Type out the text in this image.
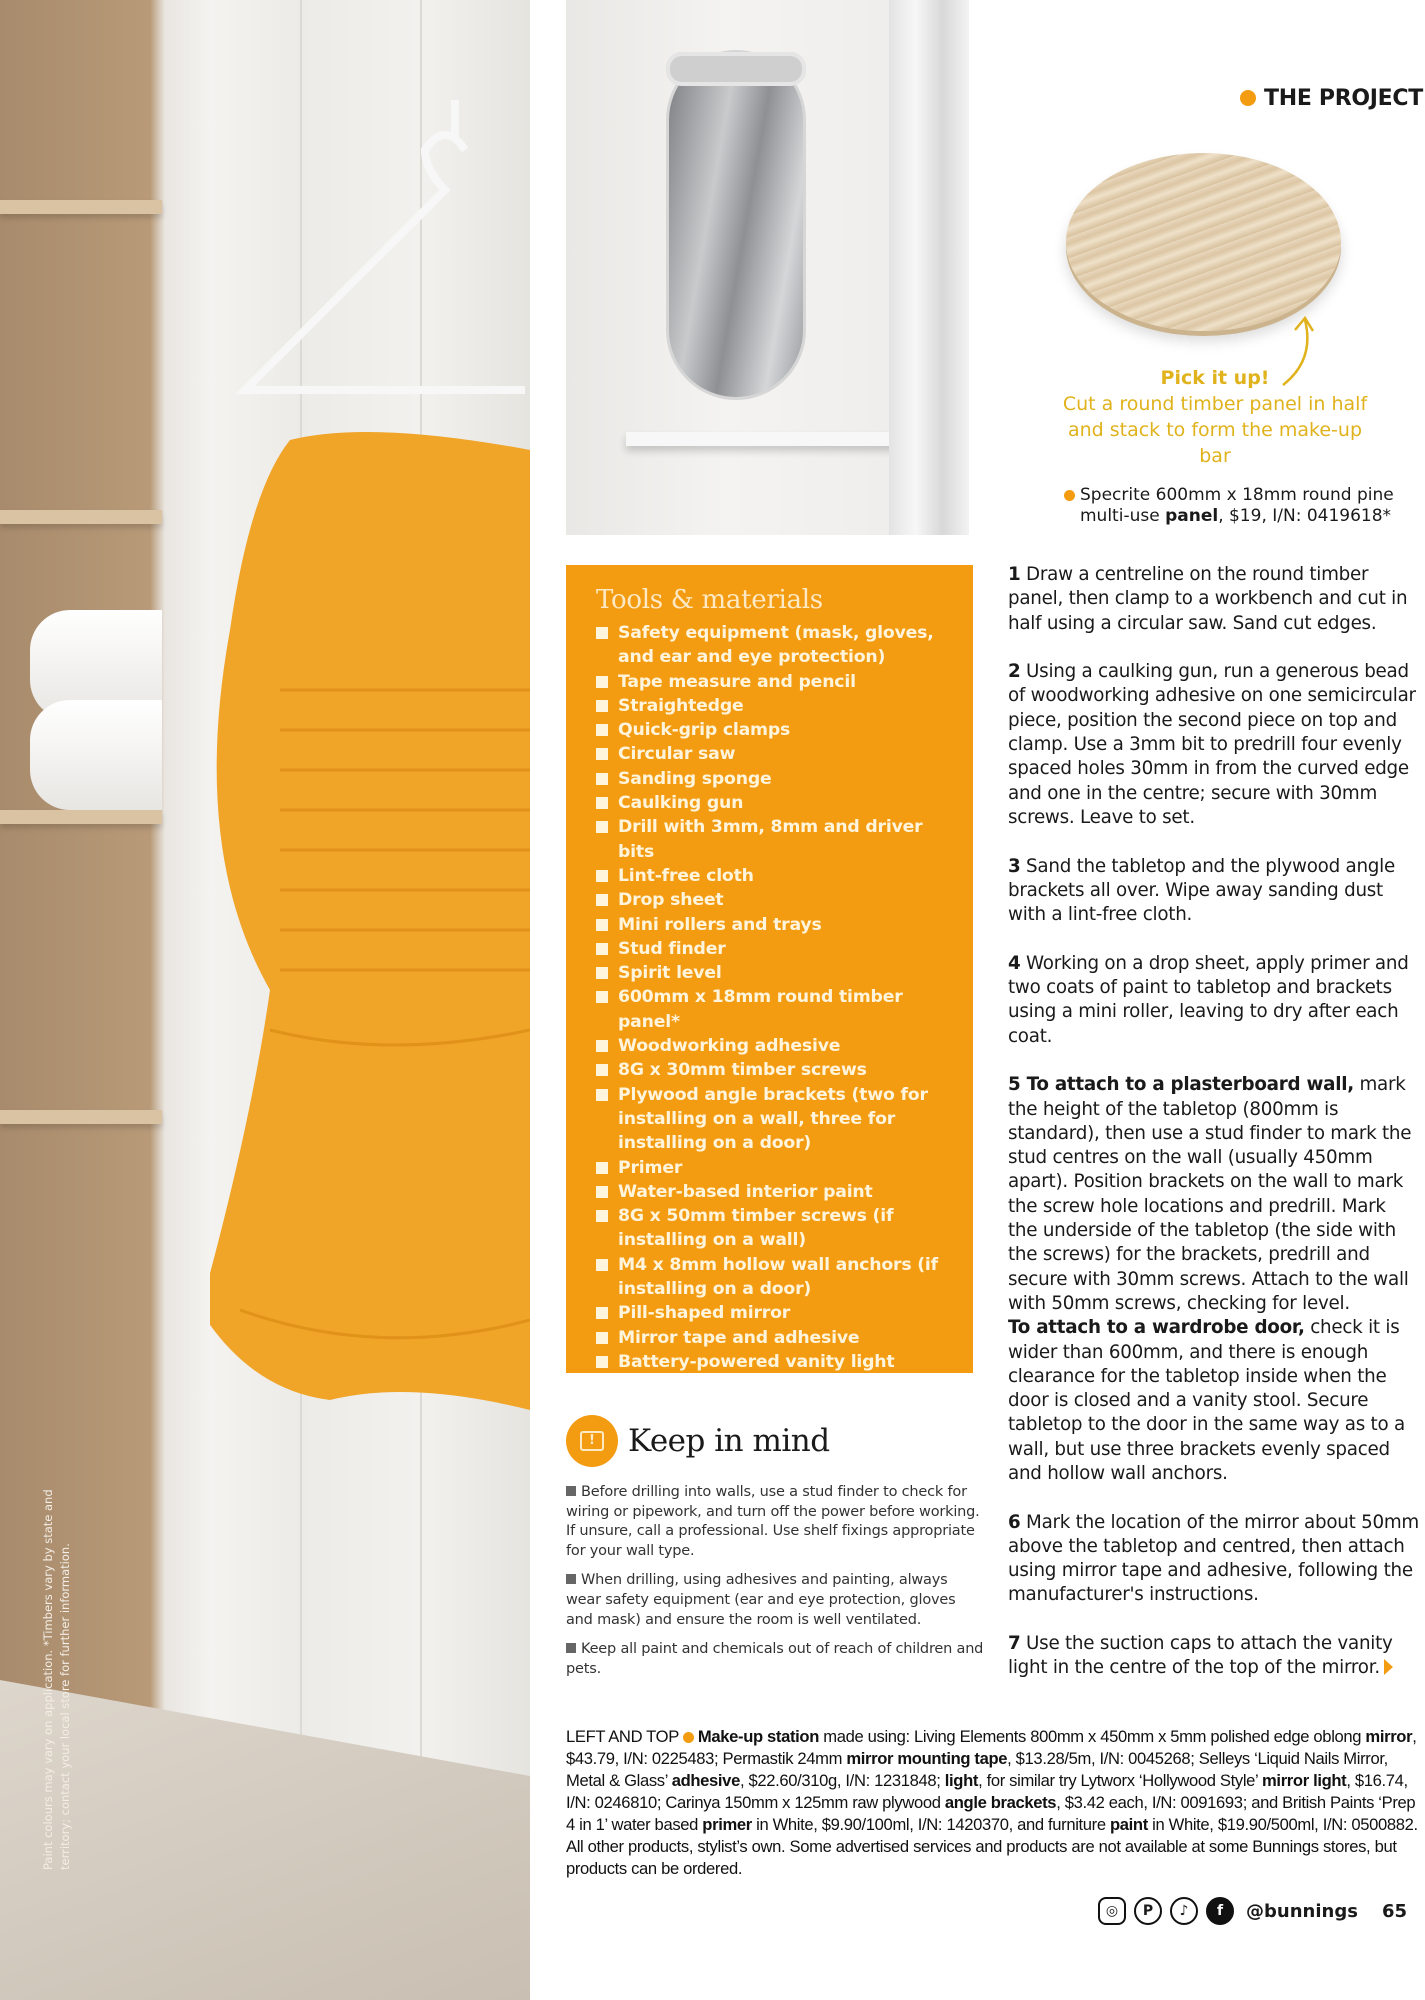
Paint colours may vary on application. *Timbers vary by state and territory; contact your local store for further information.
Tools & materials
Safety equipment (mask, gloves, and ear and eye protection)
Tape measure and pencil
Straightedge
Quick-grip clamps
Circular saw
Sanding sponge
Caulking gun
Drill with 3mm, 8mm and driver bits
Lint-free cloth
Drop sheet
Mini rollers and trays
Stud finder
Spirit level
600mm x 18mm round timber panel*
Woodworking adhesive
8G x 30mm timber screws
Plywood angle brackets (two for installing on a wall, three for installing on a door)
Primer
Water-based interior paint
8G x 50mm timber screws (if installing on a wall)
M4 x 8mm hollow wall anchors (if installing on a door)
Pill-shaped mirror
Mirror tape and adhesive
Battery-powered vanity light
! Keep in mind

Before drilling into walls, use a stud finder to check for wiring or pipework, and turn off the power before working. If unsure, call a professional. Use shelf fixings appropriate for your wall type.

When drilling, using adhesives and painting, always wear safety equipment (ear and eye protection, gloves and mask) and ensure the room is well ventilated.

Keep all paint and chemicals out of reach of children and pets.

THE PROJECT
Pick it up!
Cut a round timber panel in half and stack to form the make-up bar
Specrite 600mm x 18mm round pine multi-use panel, $19, I/N: 0419618*

1 Draw a centreline on the round timber panel, then clamp to a workbench and cut in half using a circular saw. Sand cut edges.

2 Using a caulking gun, run a generous bead of woodworking adhesive on one semicircular piece, position the second piece on top and clamp. Use a 3mm bit to predrill four evenly spaced holes 30mm in from the curved edge and one in the centre; secure with 30mm screws. Leave to set.

3 Sand the tabletop and the plywood angle brackets all over. Wipe away sanding dust with a lint-free cloth.

4 Working on a drop sheet, apply primer and two coats of paint to tabletop and brackets using a mini roller, leaving to dry after each coat.

5 To attach to a plasterboard wall, mark the height of the tabletop (800mm is standard), then use a stud finder to mark the stud centres on the wall (usually 450mm apart). Position brackets on the wall to mark the screw hole locations and predrill. Mark the underside of the tabletop (the side with the screws) for the brackets, predrill and secure with 30mm screws. Attach to the wall with 50mm screws, checking for level.

To attach to a wardrobe door, check it is wider than 600mm, and there is enough clearance for the tabletop inside when the door is closed and a vanity stool. Secure tabletop to the door in the same way as to a wall, but use three brackets evenly spaced and hollow wall anchors.

6 Mark the location of the mirror about 50mm above the tabletop and centred, then attach using mirror tape and adhesive, following the manufacturer's instructions.

7 Use the suction caps to attach the vanity light in the centre of the top of the mirror.

LEFT AND TOP Make-up station made using: Living Elements 800mm x 450mm x 5mm polished edge oblong mirror, $43.79, I/N: 0225483; Permastik 24mm mirror mounting tape, $13.28/5m, I/N: 0045268; Selleys ‘Liquid Nails Mirror, Metal & Glass’ adhesive, $22.60/310g, I/N: 1231848; light, for similar try Lytworx ‘Hollywood Style’ mirror light, $16.74, I/N: 0246810; Carinya 150mm x 125mm raw plywood angle brackets, $3.42 each, I/N: 0091693; and British Paints ‘Prep 4 in 1’ water based primer in White, $9.90/100ml, I/N: 1420370, and furniture paint in White, $19.90/500ml, I/N: 0500882. All other products, stylist’s own. Some advertised services and products are not available at some Bunnings stores, but products can be ordered.
◎	P	♪	f	@bunnings 65
